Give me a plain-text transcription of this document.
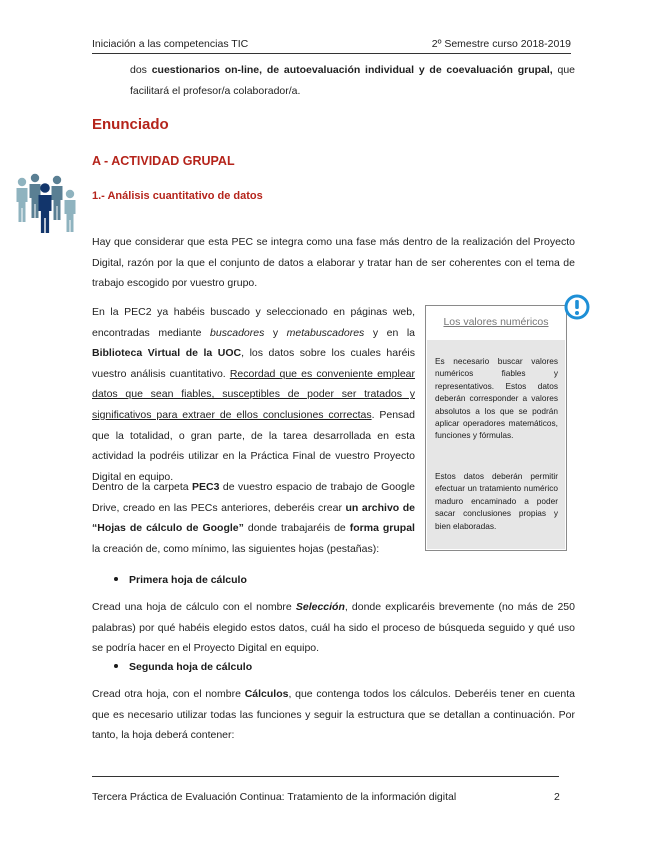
Iniciación a las competencias TIC	2º Semestre curso 2018-2019
dos cuestionarios on-line, de autoevaluación individual y de coevaluación grupal, que facilitará el profesor/a colaborador/a.
Enunciado
A - ACTIVIDAD GRUPAL
1.- Análisis cuantitativo de datos
Hay que considerar que esta PEC se integra como una fase más dentro de la realización del Proyecto Digital, razón por la que el conjunto de datos a elaborar y tratar han de ser coherentes con el tema de trabajo escogido por vuestro grupo.
En la PEC2 ya habéis buscado y seleccionado en páginas web, encontradas mediante buscadores y metabuscadores y en la Biblioteca Virtual de la UOC, los datos sobre los cuales haréis vuestro análisis cuantitativo. Recordad que es conveniente emplear datos que sean fiables, susceptibles de poder ser tratados y significativos para extraer de ellos conclusiones correctas. Pensad que la totalidad, o gran parte, de la tarea desarrollada en esta actividad la podréis utilizar en la Práctica Final de vuestro Proyecto Digital en equipo.
Dentro de la carpeta PEC3 de vuestro espacio de trabajo de Google Drive, creado en las PECs anteriores, deberéis crear un archivo de “Hojas de cálculo de Google” donde trabajaréis de forma grupal la creación de, como mínimo, las siguientes hojas (pestañas):
Los valores numéricos
Es necesario buscar valores numéricos fiables y representativos. Estos datos deberán corresponder a valores absolutos a los que se podrán aplicar operadores matemáticos, funciones y fórmulas.
Estos datos deberán permitir efectuar un tratamiento numérico maduro encaminado a poder sacar conclusiones propias y bien elaboradas.
Primera hoja de cálculo
Cread una hoja de cálculo con el nombre Selección, donde explicaréis brevemente (no más de 250 palabras) por qué habéis elegido estos datos, cuál ha sido el proceso de búsqueda seguido y qué uso se podría hacer en el Proyecto Digital en equipo.
Segunda hoja de cálculo
Cread otra hoja, con el nombre Cálculos, que contenga todos los cálculos. Deberéis tener en cuenta que es necesario utilizar todas las funciones y seguir la estructura que se detallan a continuación. Por tanto, la hoja deberá contener:
Tercera Práctica de Evaluación Continua: Tratamiento de la información digital	2
